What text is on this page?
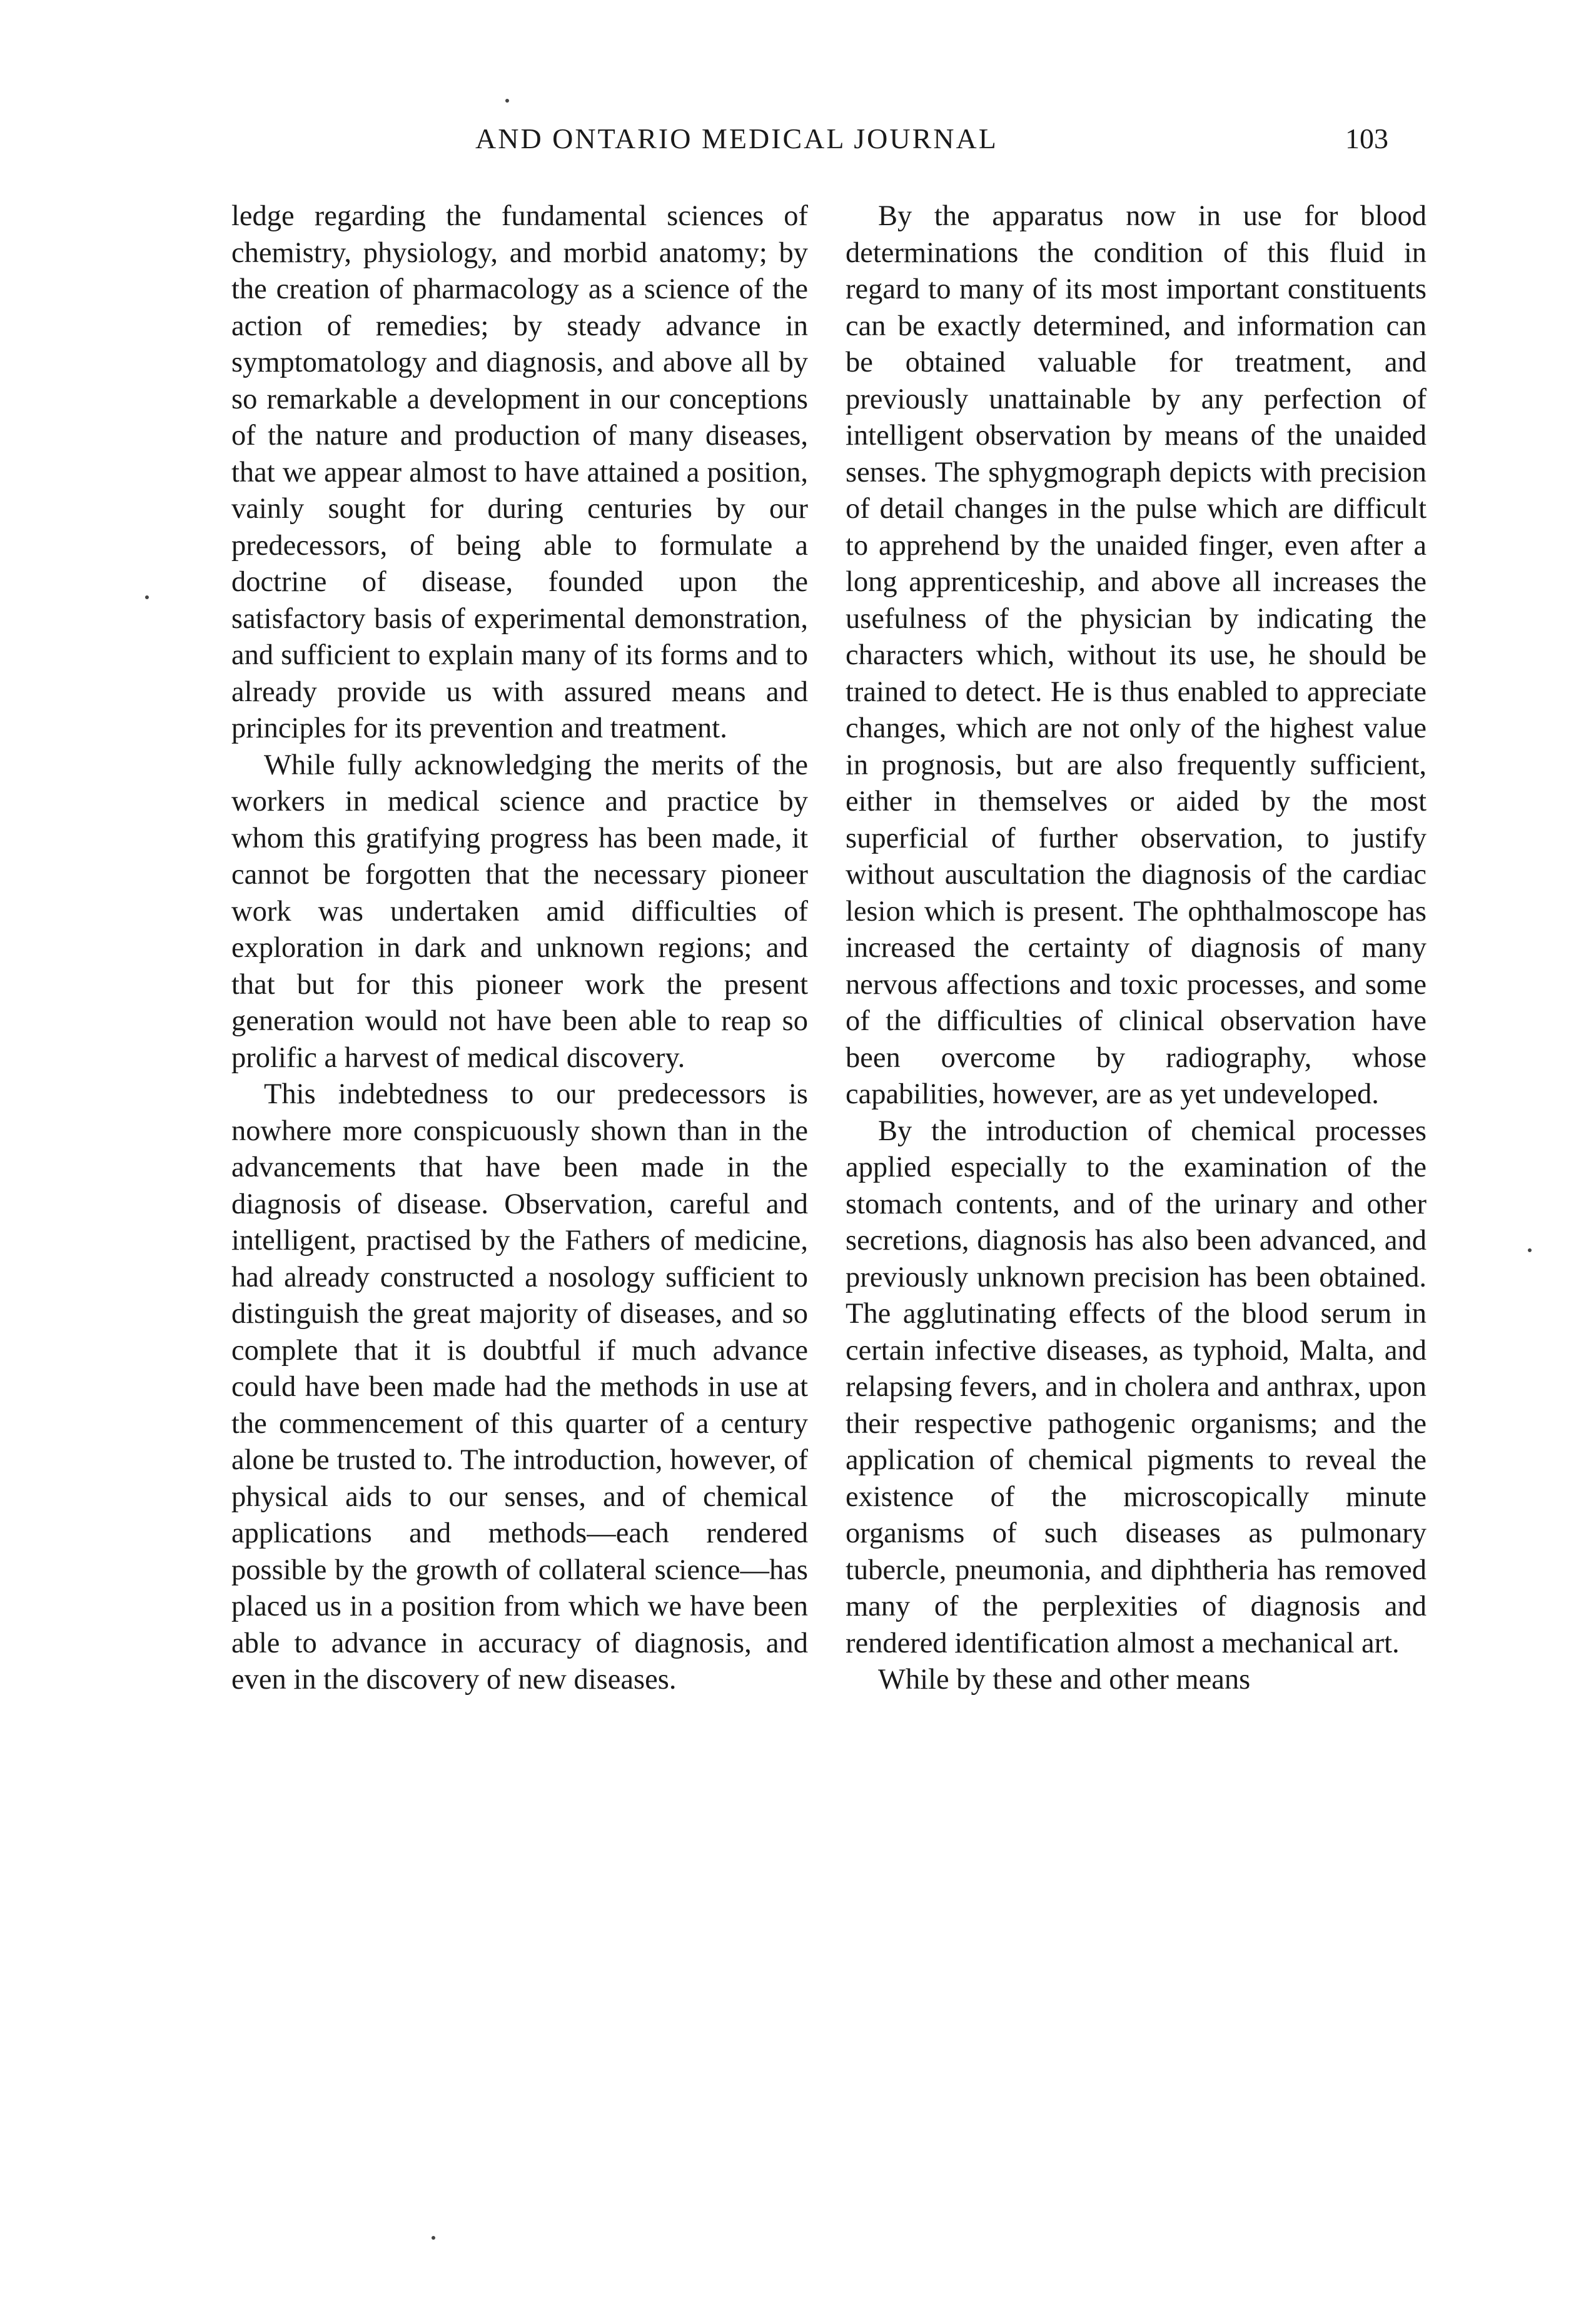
AND ONTARIO MEDICAL JOURNAL	103

ledge regarding the fundamental sciences of chemistry, physiology, and morbid anatomy; by the creation of pharmacology as a science of the action of remedies; by steady advance in symptomatology and diagnosis, and above all by so remarkable a development in our conceptions of the nature and production of many diseases, that we appear almost to have attained a position, vainly sought for during centuries by our predecessors, of being able to formulate a doctrine of disease, founded upon the satisfactory basis of experimental demonstration, and sufficient to explain many of its forms and to already provide us with assured means and principles for its prevention and treatment.

While fully acknowledging the merits of the workers in medical science and practice by whom this gratifying progress has been made, it cannot be forgotten that the necessary pioneer work was undertaken amid difficulties of exploration in dark and unknown regions; and that but for this pioneer work the present generation would not have been able to reap so prolific a harvest of medical discovery.

This indebtedness to our predecessors is nowhere more conspicuously shown than in the advancements that have been made in the diagnosis of disease. Observation, careful and intelligent, practised by the Fathers of medicine, had already constructed a nosology sufficient to distinguish the great majority of diseases, and so complete that it is doubtful if much advance could have been made had the methods in use at the commencement of this quarter of a century alone be trusted to. The introduction, however, of physical aids to our senses, and of chemical applications and methods—each rendered possible by the growth of collateral science—has placed us in a position from which we have been able to advance in accuracy of diagnosis, and even in the discovery of new diseases.

By the apparatus now in use for blood determinations the condition of this fluid in regard to many of its most important constituents can be exactly determined, and information can be obtained valuable for treatment, and previously unattainable by any perfection of intelligent observation by means of the unaided senses. The sphygmograph depicts with precision of detail changes in the pulse which are difficult to apprehend by the unaided finger, even after a long apprenticeship, and above all increases the usefulness of the physician by indicating the characters which, without its use, he should be trained to detect. He is thus enabled to appreciate changes, which are not only of the highest value in prognosis, but are also frequently sufficient, either in themselves or aided by the most superficial of further observation, to justify without auscultation the diagnosis of the cardiac lesion which is present. The ophthalmoscope has increased the certainty of diagnosis of many nervous affections and toxic processes, and some of the difficulties of clinical observation have been overcome by radiography, whose capabilities, however, are as yet undeveloped.

By the introduction of chemical processes applied especially to the examination of the stomach contents, and of the urinary and other secretions, diagnosis has also been advanced, and previously unknown precision has been obtained. The agglutinating effects of the blood serum in certain infective diseases, as typhoid, Malta, and relapsing fevers, and in cholera and anthrax, upon their respective pathogenic organisms; and the application of chemical pigments to reveal the existence of the microscopically minute organisms of such diseases as pulmonary tubercle, pneumonia, and diphtheria has removed many of the perplexities of diagnosis and rendered identification almost a mechanical art.

While by these and other means
